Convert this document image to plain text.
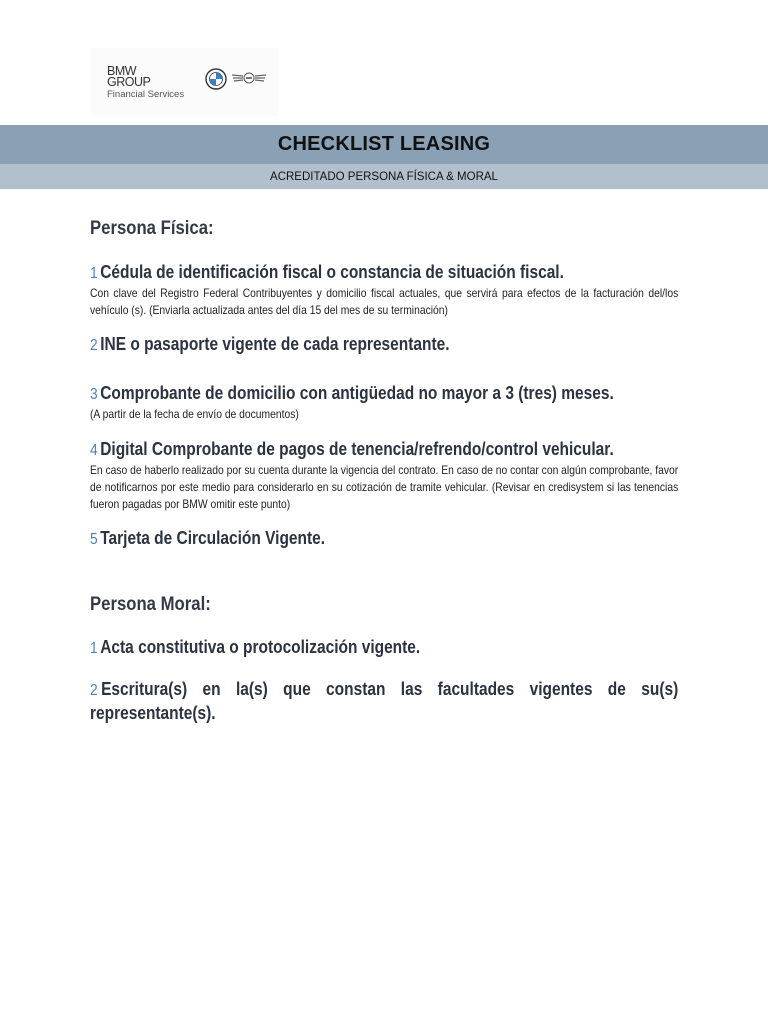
BMW
GROUP
Financial Services
CHECKLIST LEASING
ACREDITADO PERSONA FÍSICA & MORAL
Persona Física:
1 Cédula de identificación fiscal o constancia de situación fiscal.
Con clave del Registro Federal Contribuyentes y domicilio fiscal actuales, que servirá para efectos de la facturación del/los vehículo (s). (Enviarla actualizada antes del día 15 del mes de su terminación)
2 INE o pasaporte vigente de cada representante.
3 Comprobante de domicilio con antigüedad no mayor a 3 (tres) meses.
(A partir de la fecha de envío de documentos)
4 Digital Comprobante de pagos de tenencia/refrendo/control vehicular.
En caso de haberlo realizado por su cuenta durante la vigencia del contrato. En caso de no contar con algún comprobante, favor de notificarnos por este medio para considerarlo en su cotización de tramite vehicular. (Revisar en credisystem si las tenencias fueron pagadas por BMW omitir este punto)
5 Tarjeta de Circulación Vigente.
Persona Moral:
1 Acta constitutiva o protocolización vigente.
2 Escritura(s) en la(s) que constan las facultades vigentes de su(s) representante(s).
